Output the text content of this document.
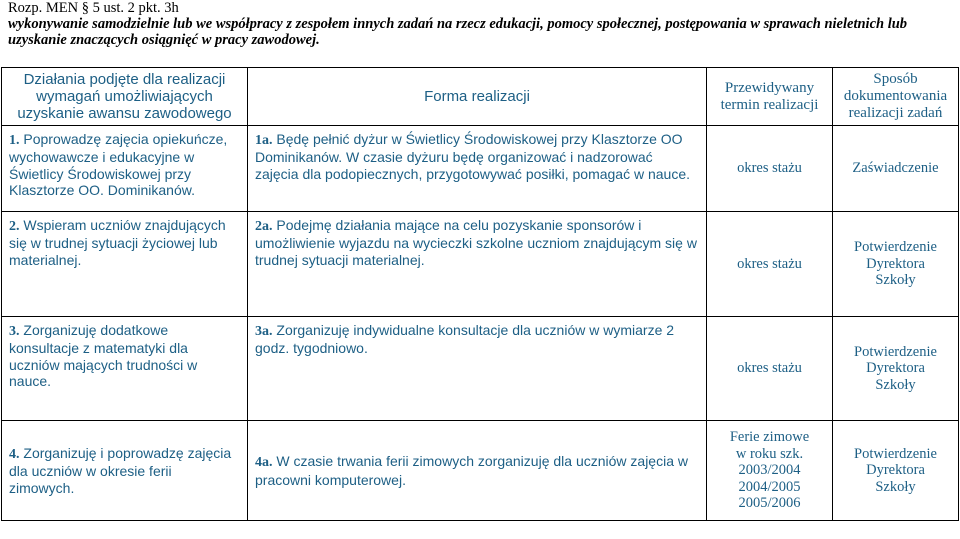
Rozp. MEN § 5 ust. 2 pkt. 3h
wykonywanie samodzielnie lub we współpracy z zespołem innych zadań na rzecz edukacji, pomocy społecznej, postępowania w sprawach nieletnich lub uzyskanie znaczących osiągnięć w pracy zawodowej.
Działania podjęte dla realizacji wymagań umożliwiających uzyskanie awansu zawodowego	Forma realizacji	Przewidywany termin realizacji	Sposób dokumentowania realizacji zadań
1. Poprowadzę zajęcia opiekuńcze, wychowawcze i edukacyjne w Świetlicy Środowiskowej przy Klasztorze OO. Dominikanów.	1a. Będę pełnić dyżur w Świetlicy Środowiskowej przy Klasztorze OO Dominikanów. W czasie dyżuru będę organizować i nadzorować zajęcia dla podopiecznych, przygotowywać posiłki, pomagać w nauce.	okres stażu	Zaświadczenie

2. Wspieram uczniów znajdujących się w trudnej sytuacji życiowej lub materialnej.	2a. Podejmę działania mające na celu pozyskanie sponsorów i umożliwienie wyjazdu na wycieczki szkolne uczniom znajdującym się w trudnej sytuacji materialnej.	okres stażu	Potwierdzenie
Dyrektora
Szkoły

3. Zorganizuję dodatkowe konsultacje z matematyki dla uczniów mających trudności w nauce.	3a. Zorganizuję indywidualne konsultacje dla uczniów w wymiarze 2 godz. tygodniowo.	okres stażu	Potwierdzenie
Dyrektora
Szkoły

4. Zorganizuję i poprowadzę zajęcia dla uczniów w okresie ferii zimowych.	4a. W czasie trwania ferii zimowych zorganizuję dla uczniów zajęcia w pracowni komputerowej.	Ferie zimowe
w roku szk.
2003/2004
2004/2005
2005/2006	Potwierdzenie
Dyrektora
Szkoły
